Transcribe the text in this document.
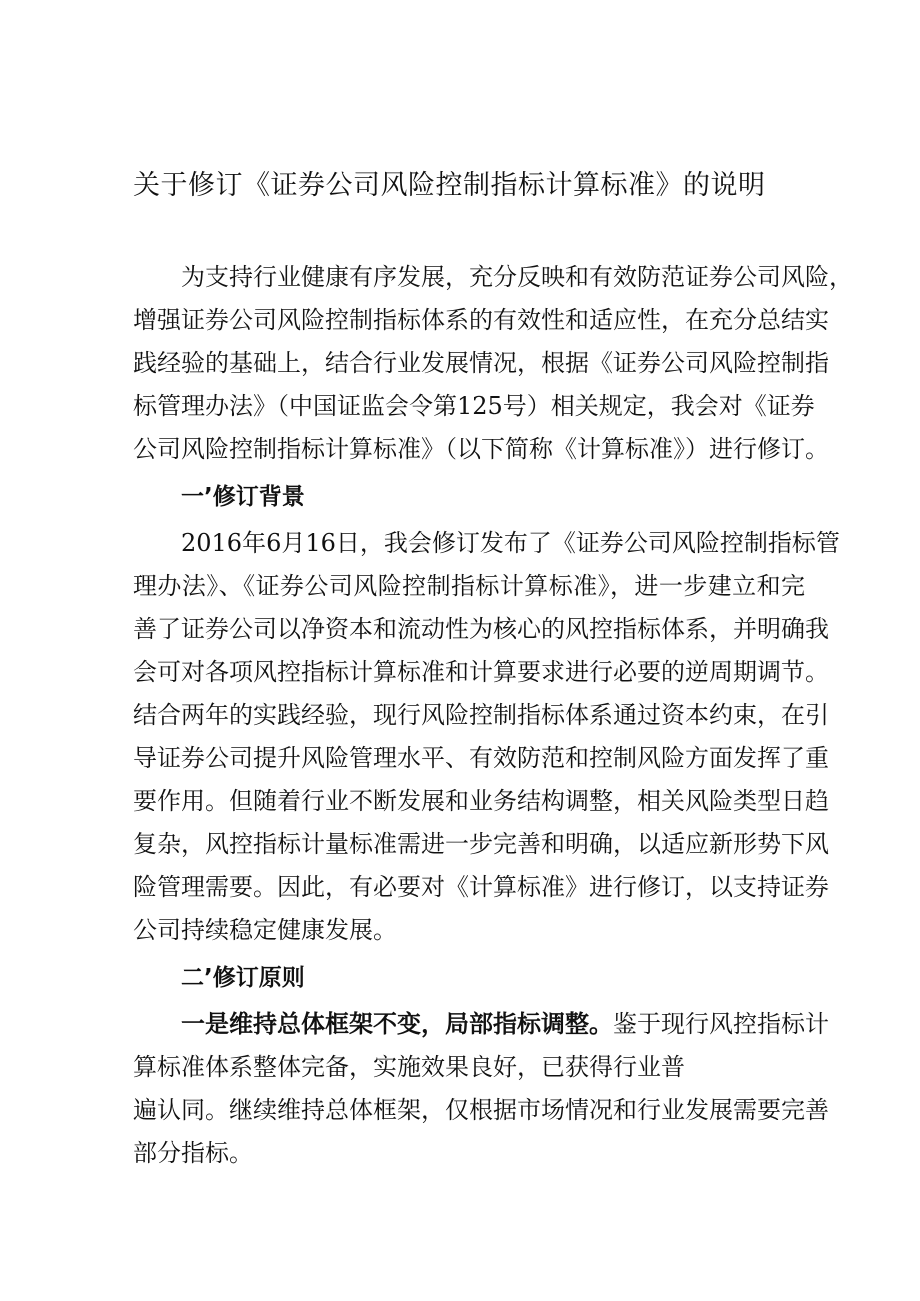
关于修订《证券公司风险控制指标计算标准》的说明
为支持行业健康有序发展，充分反映和有效防范证券公司风险，
增强证券公司风险控制指标体系的有效性和适应性，在充分总结实
践经验的基础上，结合行业发展情况，根据《证券公司风险控制指
标管理办法》（中国证监会令第125号）相关规定，我会对《证券
公司风险控制指标计算标准》（以下简称《计算标准》）进行修订。
一’修订背景
2016年6月16日，我会修订发布了《证券公司风险控制指标管
理办法》、《证券公司风险控制指标计算标准》，进一步建立和完
善了证券公司以净资本和流动性为核心的风控指标体系，并明确我
会可对各项风控指标计算标准和计算要求进行必要的逆周期调节。
结合两年的实践经验，现行风险控制指标体系通过资本约束，在引
导证券公司提升风险管理水平、有效防范和控制风险方面发挥了重
要作用。但随着行业不断发展和业务结构调整，相关风险类型日趋
复杂，风控指标计量标准需进一步完善和明确，以适应新形势下风
险管理需要。因此，有必要对《计算标准》进行修订，以支持证券
公司持续稳定健康发展。
二’修订原则
一是维持总体框架不变，局部指标调整。鉴于现行风控指标计
算标准体系整体完备，实施效果良好，已获得行业普
遍认同。继续维持总体框架，仅根据市场情况和行业发展需要完善
部分指标。
